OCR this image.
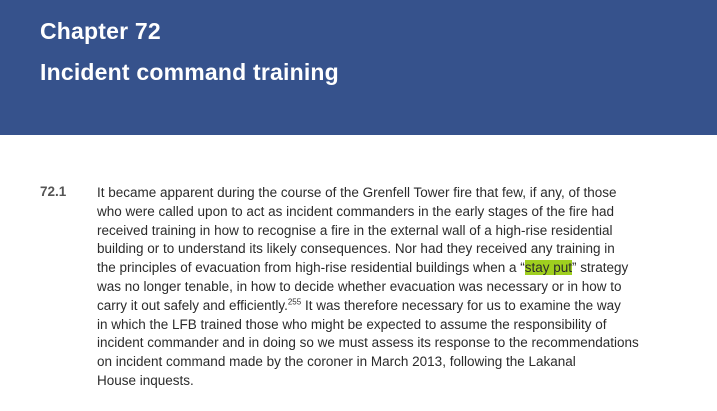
Chapter 72
Incident command training
72.1 It became apparent during the course of the Grenfell Tower fire that few, if any, of those
who were called upon to act as incident commanders in the early stages of the fire had
received training in how to recognise a fire in the external wall of a high-rise residential
building or to understand its likely consequences. Nor had they received any training in
the principles of evacuation from high-rise residential buildings when a “stay put” strategy
was no longer tenable, in how to decide whether evacuation was necessary or in how to
carry it out safely and efficiently.$^{255}$ It was therefore necessary for us to examine the way
in which the LFB trained those who might be expected to assume the responsibility of
incident commander and in doing so we must assess its response to the recommendations
on incident command made by the coroner in March 2013, following the Lakanal
House inquests.
